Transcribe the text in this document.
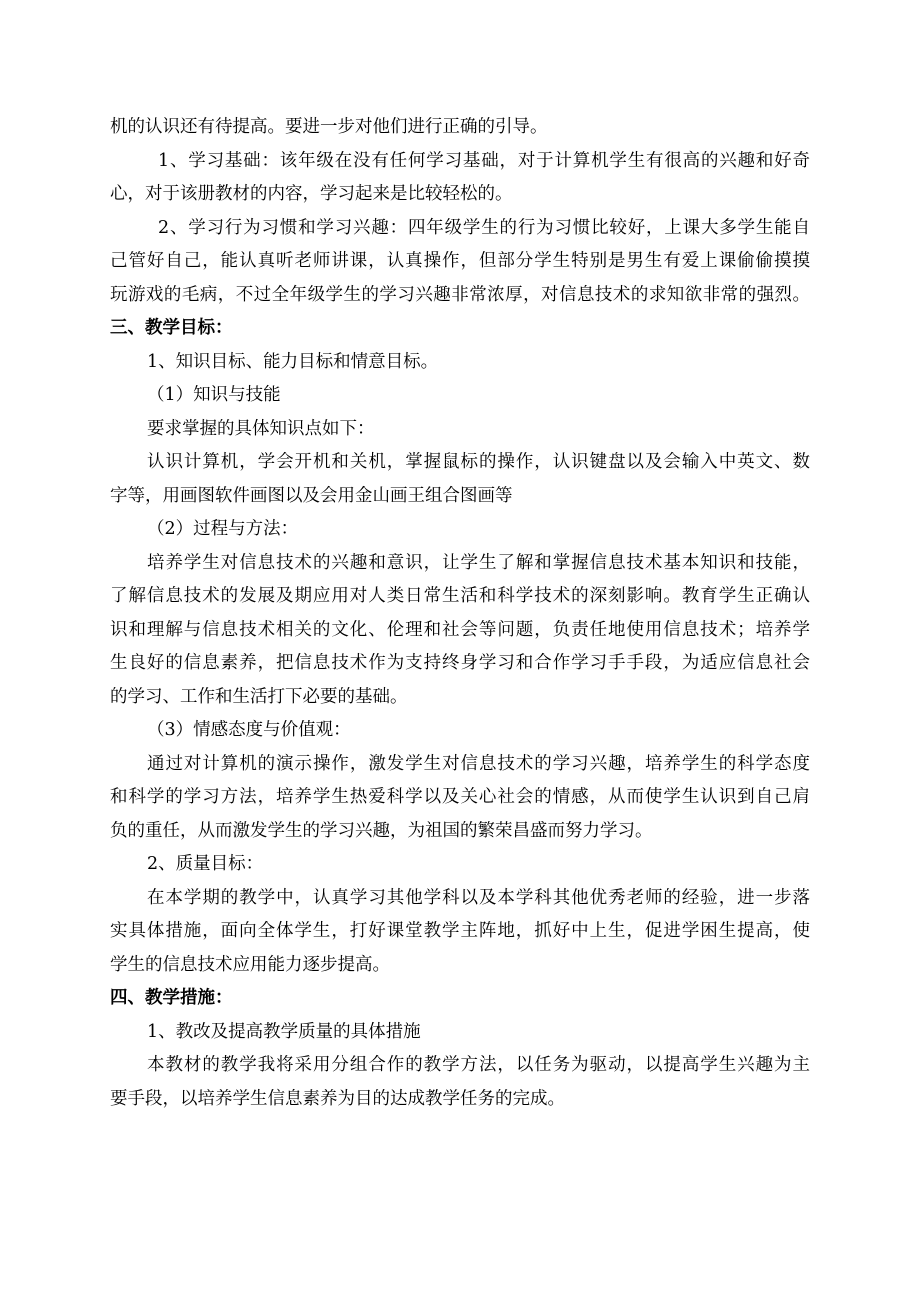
机的认识还有待提高。要进一步对他们进行正确的引导。

1、学习基础：该年级在没有任何学习基础，对于计算机学生有很高的兴趣和好奇

心，对于该册教材的内容，学习起来是比较轻松的。

2、学习行为习惯和学习兴趣：四年级学生的行为习惯比较好，上课大多学生能自

己管好自己，能认真听老师讲课，认真操作，但部分学生特别是男生有爱上课偷偷摸摸

玩游戏的毛病，不过全年级学生的学习兴趣非常浓厚，对信息技术的求知欲非常的强烈。

三、教学目标：

1、知识目标、能力目标和情意目标。

（1）知识与技能

要求掌握的具体知识点如下：

认识计算机，学会开机和关机，掌握鼠标的操作，认识键盘以及会输入中英文、数

字等，用画图软件画图以及会用金山画王组合图画等

（2）过程与方法：

培养学生对信息技术的兴趣和意识，让学生了解和掌握信息技术基本知识和技能，

了解信息技术的发展及期应用对人类日常生活和科学技术的深刻影响。教育学生正确认

识和理解与信息技术相关的文化、伦理和社会等问题，负责任地使用信息技术；培养学

生良好的信息素养，把信息技术作为支持终身学习和合作学习手手段，为适应信息社会

的学习、工作和生活打下必要的基础。

（3）情感态度与价值观：

通过对计算机的演示操作，激发学生对信息技术的学习兴趣，培养学生的科学态度

和科学的学习方法，培养学生热爱科学以及关心社会的情感，从而使学生认识到自己肩

负的重任，从而激发学生的学习兴趣，为祖国的繁荣昌盛而努力学习。

2、质量目标：

在本学期的教学中，认真学习其他学科以及本学科其他优秀老师的经验，进一步落

实具体措施，面向全体学生，打好课堂教学主阵地，抓好中上生，促进学困生提高，使

学生的信息技术应用能力逐步提高。

四、教学措施：

1、教改及提高教学质量的具体措施

本教材的教学我将采用分组合作的教学方法，以任务为驱动，以提高学生兴趣为主

要手段，以培养学生信息素养为目的达成教学任务的完成。
